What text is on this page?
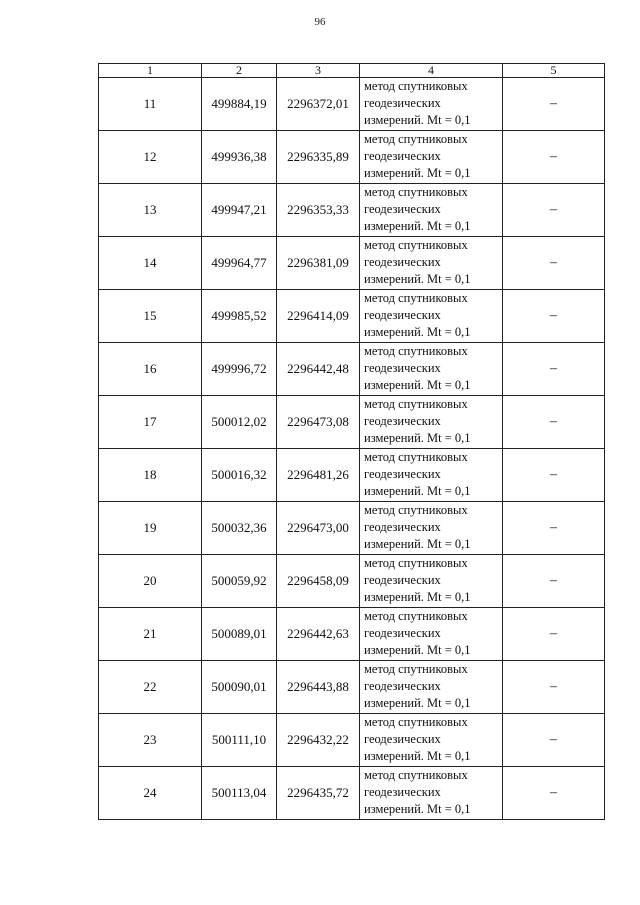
96
1	2	3	4	5
11	499884,19	2296372,01	метод спутниковых
геодезических
измерений. Mt = 0,1	–
12	499936,38	2296335,89	метод спутниковых
геодезических
измерений. Mt = 0,1	–
13	499947,21	2296353,33	метод спутниковых
геодезических
измерений. Mt = 0,1	–
14	499964,77	2296381,09	метод спутниковых
геодезических
измерений. Mt = 0,1	–
15	499985,52	2296414,09	метод спутниковых
геодезических
измерений. Mt = 0,1	–
16	499996,72	2296442,48	метод спутниковых
геодезических
измерений. Mt = 0,1	–
17	500012,02	2296473,08	метод спутниковых
геодезических
измерений. Mt = 0,1	–
18	500016,32	2296481,26	метод спутниковых
геодезических
измерений. Mt = 0,1	–
19	500032,36	2296473,00	метод спутниковых
геодезических
измерений. Mt = 0,1	–
20	500059,92	2296458,09	метод спутниковых
геодезических
измерений. Mt = 0,1	–
21	500089,01	2296442,63	метод спутниковых
геодезических
измерений. Mt = 0,1	–
22	500090,01	2296443,88	метод спутниковых
геодезических
измерений. Mt = 0,1	–
23	500111,10	2296432,22	метод спутниковых
геодезических
измерений. Mt = 0,1	–
24	500113,04	2296435,72	метод спутниковых
геодезических
измерений. Mt = 0,1	–
